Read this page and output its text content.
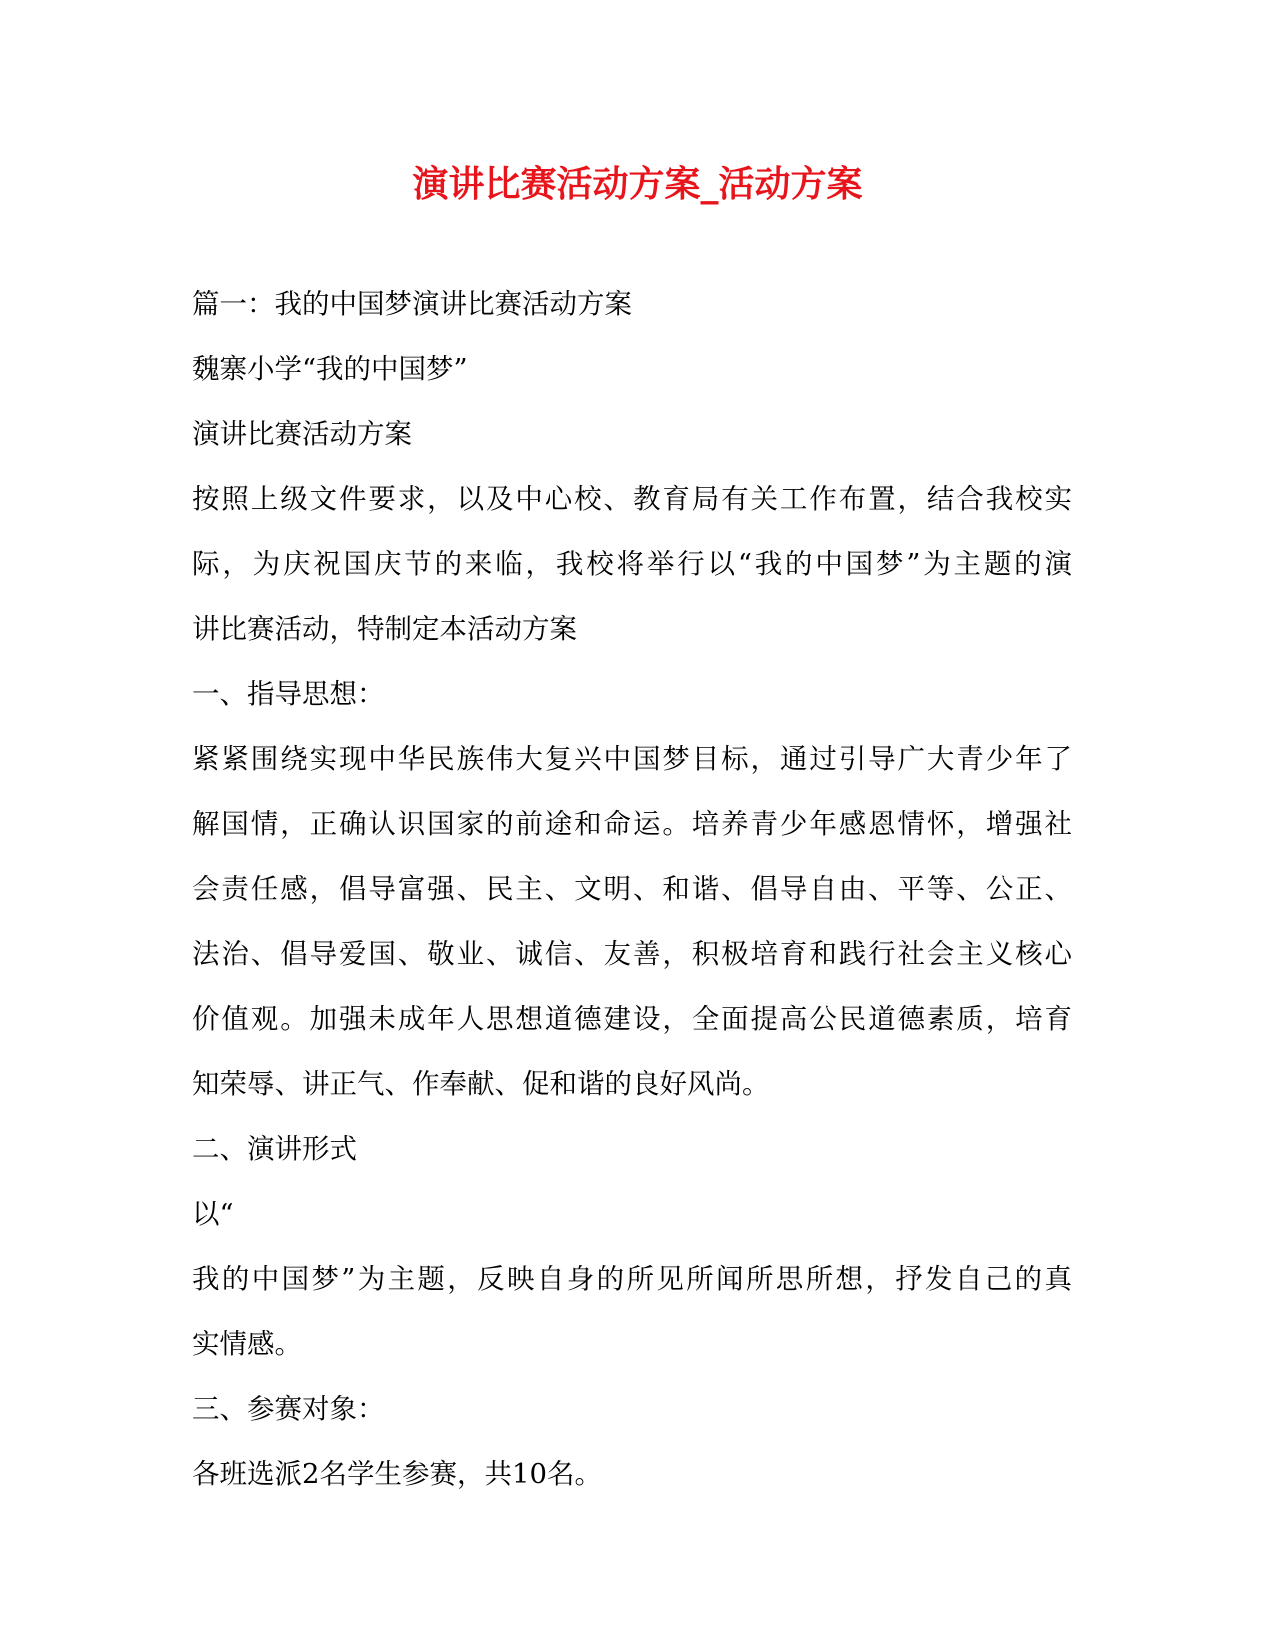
演讲比赛活动方案_活动方案

篇一：我的中国梦演讲比赛活动方案

魏寨小学“我的中国梦”

演讲比赛活动方案

按照上级文件要求，以及中心校、教育局有关工作布置，结合我校实

际，为庆祝国庆节的来临，我校将举行以“我的中国梦”为主题的演

讲比赛活动，特制定本活动方案

一、指导思想：

紧紧围绕实现中华民族伟大复兴中国梦目标，通过引导广大青少年了

解国情，正确认识国家的前途和命运。培养青少年感恩情怀，增强社

会责任感，倡导富强、民主、文明、和谐、倡导自由、平等、公正、

法治、倡导爱国、敬业、诚信、友善，积极培育和践行社会主义核心

价值观。加强未成年人思想道德建设，全面提高公民道德素质，培育

知荣辱、讲正气、作奉献、促和谐的良好风尚。

二、演讲形式

以“

我的中国梦”为主题，反映自身的所见所闻所思所想，抒发自己的真

实情感。

三、参赛对象：

各班选派2名学生参赛，共10名。
